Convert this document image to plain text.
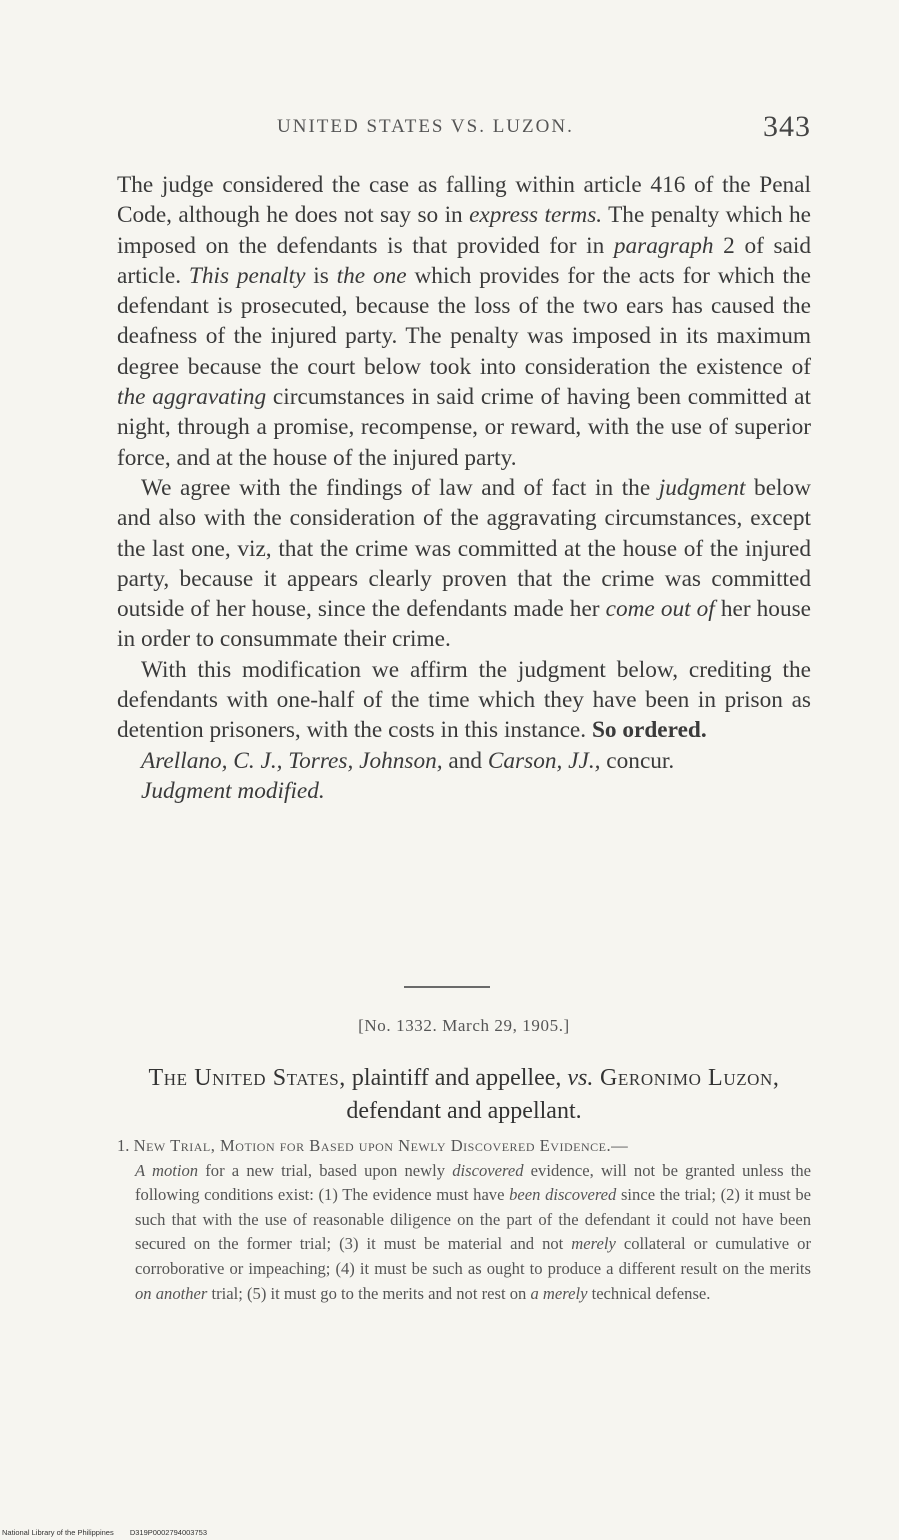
UNITED STATES VS. LUZON.	343

The judge considered the case as falling within article 416 of the Penal Code, although he does not say so in express terms. The penalty which he imposed on the defendants is that provided for in paragraph 2 of said article. This penalty is the one which provides for the acts for which the defendant is prosecuted, because the loss of the two ears has caused the deafness of the injured party. The penalty was imposed in its maximum degree because the court below took into consideration the existence of the aggravating circumstances in said crime of having been committed at night, through a promise, recompense, or reward, with the use of superior force, and at the house of the injured party.

We agree with the findings of law and of fact in the judgment below and also with the consideration of the aggravating circumstances, except the last one, viz, that the crime was committed at the house of the injured party, because it appears clearly proven that the crime was committed outside of her house, since the defendants made her come out of her house in order to consummate their crime.

With this modification we affirm the judgment below, crediting the defendants with one-half of the time which they have been in prison as detention prisoners, with the costs in this instance. So ordered.

Arellano, C. J., Torres, Johnson, and Carson, JJ., concur.

Judgment modified.

[No. 1332. March 29, 1905.]
The United States, plaintiff and appellee, vs. Geronimo Luzon, defendant and appellant.
1. New Trial, Motion for Based upon Newly Discovered Evidence.—
A motion for a new trial, based upon newly discovered evidence, will not be granted unless the following conditions exist: (1) The evidence must have been discovered since the trial; (2) it must be such that with the use of reasonable diligence on the part of the defendant it could not have been secured on the former trial; (3) it must be material and not merely collateral or cumulative or corroborative or impeaching; (4) it must be such as ought to produce a different result on the merits on another trial; (5) it must go to the merits and not rest on a merely technical defense.
National Library of the Philippines D319P0002794003753
